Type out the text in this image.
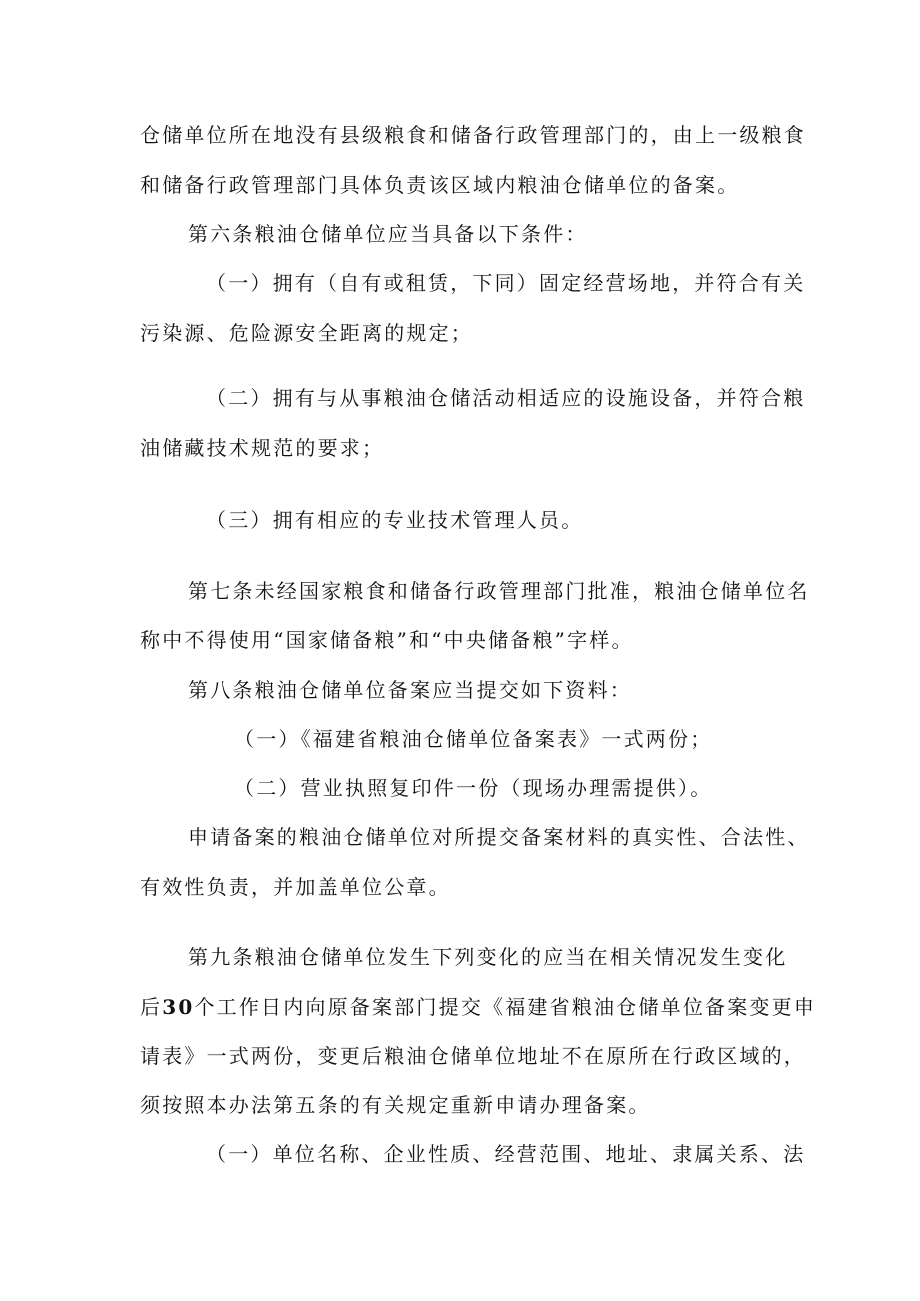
仓储单位所在地没有县级粮食和储备行政管理部门的，由上一级粮食
和储备行政管理部门具体负责该区域内粮油仓储单位的备案。
第六条粮油仓储单位应当具备以下条件：
（一）拥有（自有或租赁，下同）固定经营场地，并符合有关
污染源、危险源安全距离的规定；
（二）拥有与从事粮油仓储活动相适应的设施设备，并符合粮
油储藏技术规范的要求；
（三）拥有相应的专业技术管理人员。
第七条未经国家粮食和储备行政管理部门批准，粮油仓储单位名
称中不得使用“国家储备粮”和“中央储备粮”字样。
第八条粮油仓储单位备案应当提交如下资料：
（一）《福建省粮油仓储单位备案表》一式两份；
（二）营业执照复印件一份（现场办理需提供）。
申请备案的粮油仓储单位对所提交备案材料的真实性、合法性、
有效性负责，并加盖单位公章。
第九条粮油仓储单位发生下列变化的应当在相关情况发生变化
后30个工作日内向原备案部门提交《福建省粮油仓储单位备案变更申
请表》一式两份，变更后粮油仓储单位地址不在原所在行政区域的，
须按照本办法第五条的有关规定重新申请办理备案。
（一）单位名称、企业性质、经营范围、地址、隶属关系、法
